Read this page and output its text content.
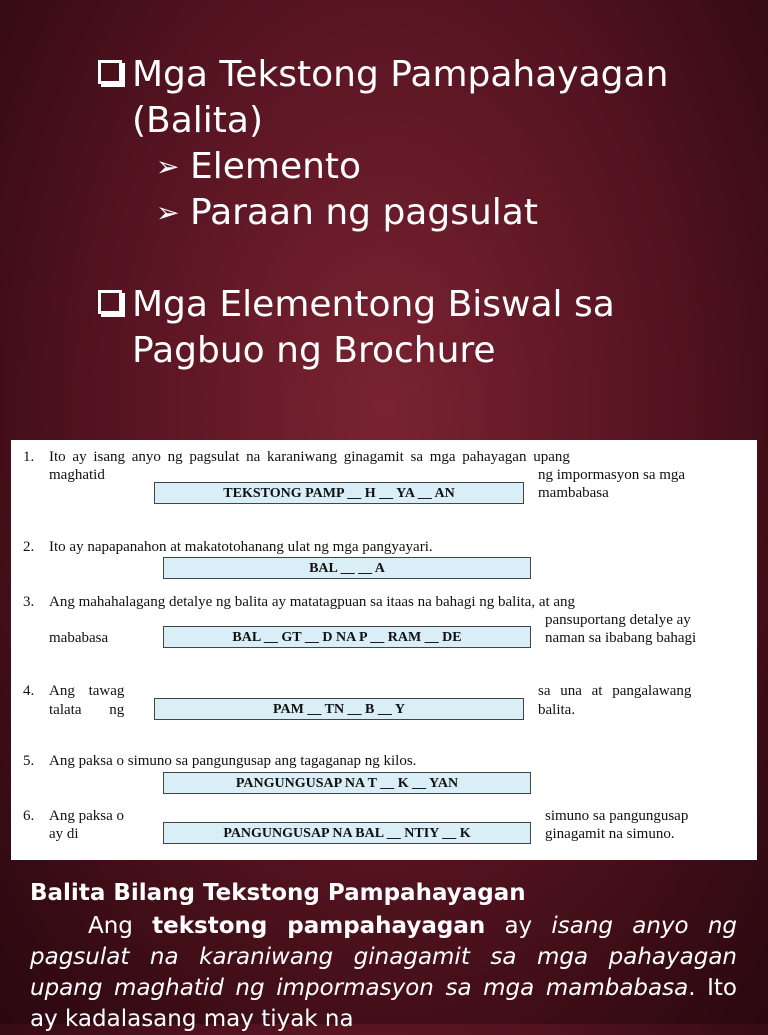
Mga Tekstong Pampahayagan (Balita)
➢ Elemento
➢ Paraan ng pagsulat
Mga Elementong Biswal sa Pagbuo ng Brochure
1. Ito ay isang anyo ng pagsulat na karaniwang ginagamit sa mga pahayagan upang
maghatid
TEKSTONG PAMP __ H __ YA __ AN
ng impormasyon sa mga
mambabasa
2. Ito ay napapanahon at makatotohanang ulat ng mga pangyayari.
BAL __ __ A
3. Ang mahahalagang detalye ng balita ay matatagpuan sa itaas na bahagi ng balita, at ang
pansuportang detalye ay
mababasa	BAL __ GT __ D NA P __ RAM __ DE	naman sa ibabang bahagi
4. Ang tawag
talata ng	PAM __ TN __ B __ Y
sa una at pangalawang
balita.
5. Ang paksa o simuno sa pangungusap ang tagaganap ng kilos.
PANGUNGUSAP NA T __ K __ YAN
6. Ang paksa o
ay di	PANGUNGUSAP NA BAL __ NTIY __ K
simuno sa pangungusap
ginagamit na simuno.
Balita Bilang Tekstong Pampahayagan
Ang tekstong pampahayagan ay isang anyo ng pagsulat na karaniwang ginagamit sa mga pahayagan upang maghatid ng impormasyon sa mga mambabasa. Ito ay kadalasang may tiyak na
